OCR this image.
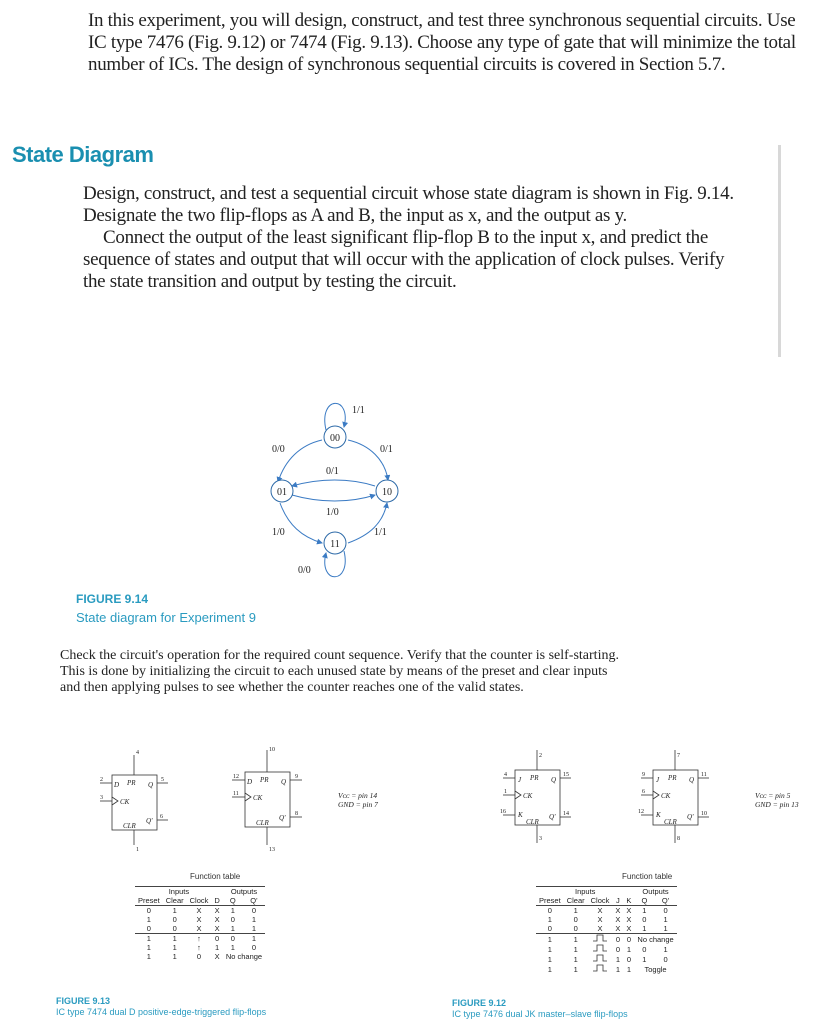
In this experiment, you will design, construct, and test three synchronous sequential circuits. Use IC type 7476 (Fig. 9.12) or 7474 (Fig. 9.13). Choose any type of gate that will minimize the total number of ICs. The design of synchronous sequential circuits is covered in Section 5.7.

State Diagram

Design, construct, and test a sequential circuit whose state diagram is shown in Fig. 9.14. Designate the two flip-flops as A and B, the input as x, and the output as y.

Connect the output of the least significant flip-flop B to the input x, and predict the sequence of states and output that will occur with the application of clock pulses. Verify the state transition and output by testing the circuit.

00
01	10
11
1/1
0/0	0/1
0/1
1/0
1/0	1/1
0/0
FIGURE 9.14
State diagram for Experiment 9
Check the circuit's operation for the required count sequence. Verify that the counter is self-starting. This is done by initializing the circuit to each unused state by means of the preset and clear inputs and then applying pulses to see whether the counter reaches one of the valid states.
PR
D
CK
Q
Q'
CLR
PR
D
CK
Q
Q'
CLR
4
2
3
5
6
1
10
12
11
9
8
13
Vᴄᴄ = pin 14
GND = pin 7
Function table
Inputs				Outputs	
Preset	Clear	Clock	D	Q	Q'
0	1	X	X	1	0
1	0	X	X	0	1
0	0	X	X	1	1
1	1	↑	0	0	1
1	1	↑	1	1	0
1	1	0	X	No change	
FIGURE 9.13
IC type 7474 dual D positive-edge-triggered flip-flops
PR
J
CK
K
Q
Q'
CLR
PR
J
CK
K
Q
Q'
CLR
2
4
1
16
15
14
3
7
9
6
12
11
10
8
Vᴄᴄ = pin 5
GND = pin 13
Function table
Inputs					Outputs	
Preset	Clear	Clock	J	K	Q	Q'
0	1	X	X	X	1	0
1	0	X	X	X	0	1
0	0	X	X	X	1	1
1	1		0	0	No change	
1	1		0	1	0	1
1	1		1	0	1	0
1	1		1	1	Toggle	
FIGURE 9.12
IC type 7476 dual JK master–slave flip-flops
